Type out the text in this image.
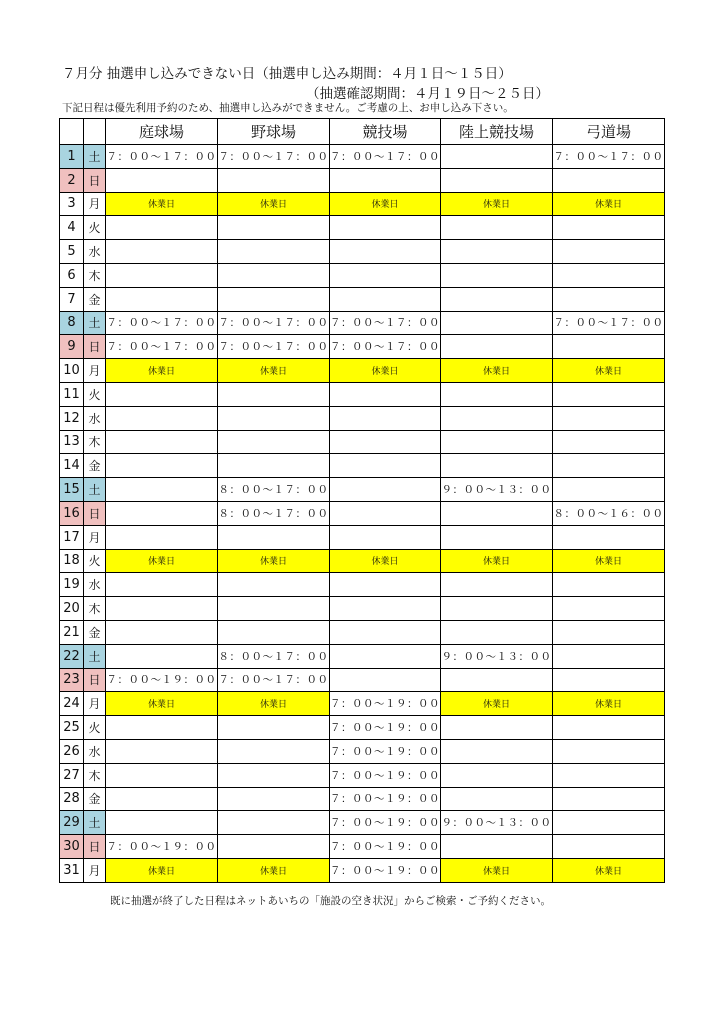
７月分 抽選申し込みできない日（抽選申し込み期間：４月１日～１５日）
（抽選確認期間：４月１９日～２５日）
下記日程は優先利用予約のため、抽選申し込みができません。ご考慮の上、お申し込み下さい。
		庭球場	野球場	競技場	陸上競技場	弓道場
1	土	７：００～１７：００	７：００～１７：００	７：００～１７：００		７：００～１７：００
2	日					
3	月	休業日	休業日	休業日	休業日	休業日
4	火					
5	水					
6	木					
7	金					
8	土	７：００～１７：００	７：００～１７：００	７：００～１７：００		７：００～１７：００
9	日	７：００～１７：００	７：００～１７：００	７：００～１７：００		
10	月	休業日	休業日	休業日	休業日	休業日
11	火					
12	水					
13	木					
14	金					
15	土		８：００～１７：００		９：００～１３：００	
16	日		８：００～１７：００			８：００～１６：００
17	月					
18	火	休業日	休業日	休業日	休業日	休業日
19	水					
20	木					
21	金					
22	土		８：００～１７：００		９：００～１３：００	
23	日	７：００～１９：００	７：００～１７：００			
24	月	休業日	休業日	７：００～１９：００	休業日	休業日
25	火			７：００～１９：００		
26	水			７：００～１９：００		
27	木			７：００～１９：００		
28	金			７：００～１９：００		
29	土			７：００～１９：００	９：００～１３：００	
30	日	７：００～１９：００		７：００～１９：００		
31	月	休業日	休業日	７：００～１９：００	休業日	休業日
既に抽選が終了した日程はネットあいちの「施設の空き状況」からご検索・ご予約ください。
